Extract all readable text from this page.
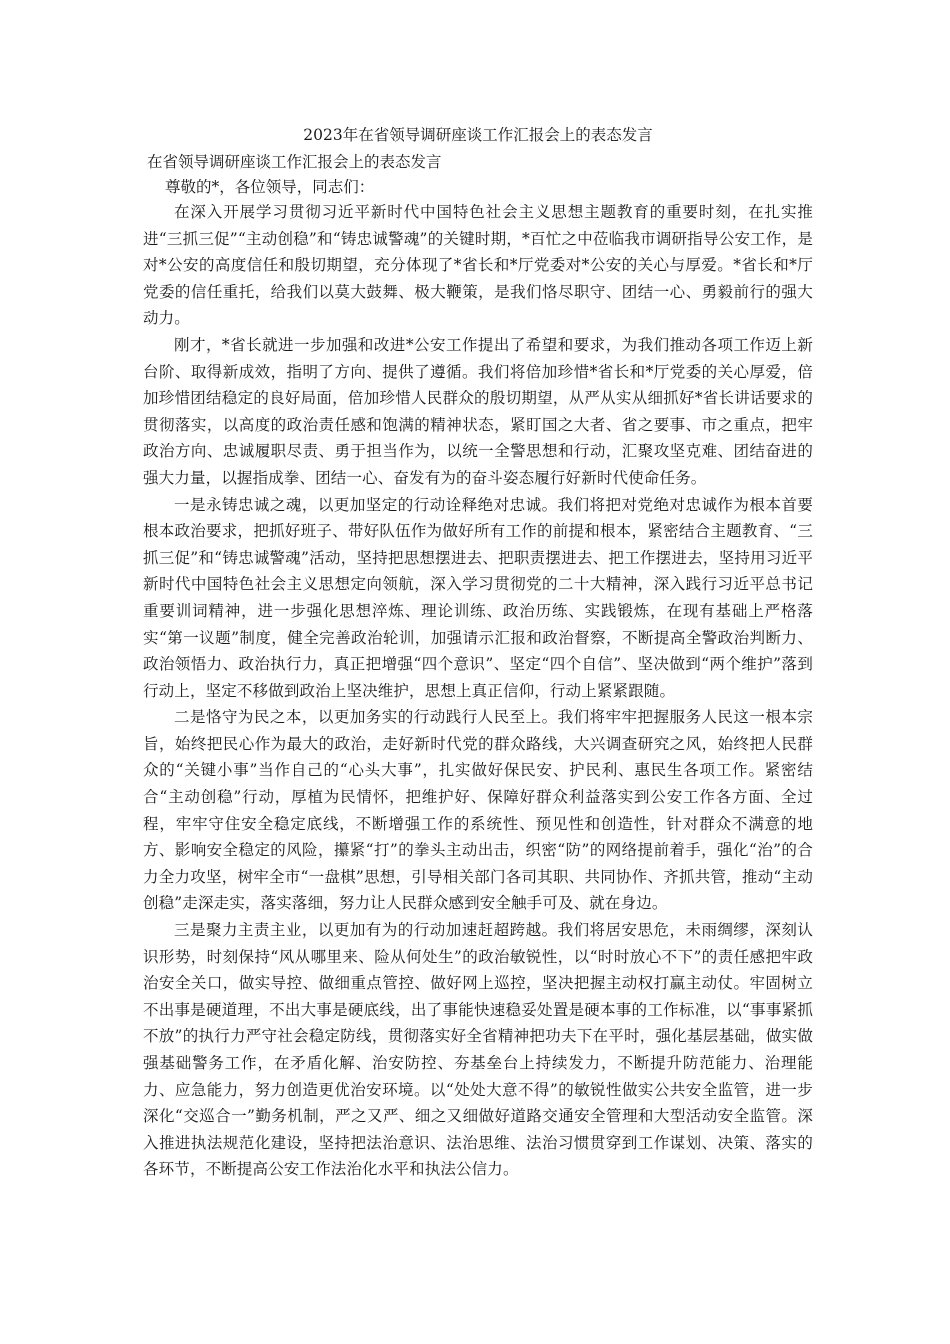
2023年在省领导调研座谈工作汇报会上的表态发言
在省领导调研座谈工作汇报会上的表态发言

尊敬的*，各位领导，同志们：

在深入开展学习贯彻习近平新时代中国特色社会主义思想主题教育的重要时刻，在扎实推进“三抓三促”“主动创稳”和“铸忠诚警魂”的关键时期，*百忙之中莅临我市调研指导公安工作，是对*公安的高度信任和殷切期望，充分体现了*省长和*厅党委对*公安的关心与厚爱。*省长和*厅党委的信任重托，给我们以莫大鼓舞、极大鞭策，是我们恪尽职守、团结一心、勇毅前行的强大动力。

刚才，*省长就进一步加强和改进*公安工作提出了希望和要求，为我们推动各项工作迈上新台阶、取得新成效，指明了方向、提供了遵循。我们将倍加珍惜*省长和*厅党委的关心厚爱，倍加珍惜团结稳定的良好局面，倍加珍惜人民群众的殷切期望，从严从实从细抓好*省长讲话要求的贯彻落实，以高度的政治责任感和饱满的精神状态，紧盯国之大者、省之要事、市之重点，把牢政治方向、忠诚履职尽责、勇于担当作为，以统一全警思想和行动，汇聚攻坚克难、团结奋进的强大力量，以握指成拳、团结一心、奋发有为的奋斗姿态履行好新时代使命任务。

一是永铸忠诚之魂，以更加坚定的行动诠释绝对忠诚。我们将把对党绝对忠诚作为根本首要根本政治要求，把抓好班子、带好队伍作为做好所有工作的前提和根本，紧密结合主题教育、“三抓三促”和“铸忠诚警魂”活动，坚持把思想摆进去、把职责摆进去、把工作摆进去，坚持用习近平新时代中国特色社会主义思想定向领航，深入学习贯彻党的二十大精神，深入践行习近平总书记重要训词精神，进一步强化思想淬炼、理论训练、政治历练、实践锻炼，在现有基础上严格落实“第一议题”制度，健全完善政治轮训，加强请示汇报和政治督察，不断提高全警政治判断力、政治领悟力、政治执行力，真正把增强“四个意识”、坚定“四个自信”、坚决做到“两个维护”落到行动上，坚定不移做到政治上坚决维护，思想上真正信仰，行动上紧紧跟随。

二是恪守为民之本，以更加务实的行动践行人民至上。我们将牢牢把握服务人民这一根本宗旨，始终把民心作为最大的政治，走好新时代党的群众路线，大兴调查研究之风，始终把人民群众的“关键小事”当作自己的“心头大事”，扎实做好保民安、护民利、惠民生各项工作。紧密结合“主动创稳”行动，厚植为民情怀，把维护好、保障好群众利益落实到公安工作各方面、全过程，牢牢守住安全稳定底线，不断增强工作的系统性、预见性和创造性，针对群众不满意的地方、影响安全稳定的风险，攥紧“打”的拳头主动出击，织密“防”的网络提前着手，强化“治”的合力全力攻坚，树牢全市“一盘棋”思想，引导相关部门各司其职、共同协作、齐抓共管，推动“主动创稳”走深走实，落实落细，努力让人民群众感到安全触手可及、就在身边。

三是聚力主责主业，以更加有为的行动加速赶超跨越。我们将居安思危，未雨绸缪，深刻认识形势，时刻保持“风从哪里来、险从何处生”的政治敏锐性，以“时时放心不下”的责任感把牢政治安全关口，做实导控、做细重点管控、做好网上巡控，坚决把握主动权打赢主动仗。牢固树立不出事是硬道理，不出大事是硬底线，出了事能快速稳妥处置是硬本事的工作标准，以“事事紧抓不放”的执行力严守社会稳定防线，贯彻落实好全省精神把功夫下在平时，强化基层基础，做实做强基础警务工作，在矛盾化解、治安防控、夯基垒台上持续发力，不断提升防范能力、治理能力、应急能力，努力创造更优治安环境。以“处处大意不得”的敏锐性做实公共安全监管，进一步深化“交巡合一”勤务机制，严之又严、细之又细做好道路交通安全管理和大型活动安全监管。深入推进执法规范化建设，坚持把法治意识、法治思维、法治习惯贯穿到工作谋划、决策、落实的各环节，不断提高公安工作法治化水平和执法公信力。
